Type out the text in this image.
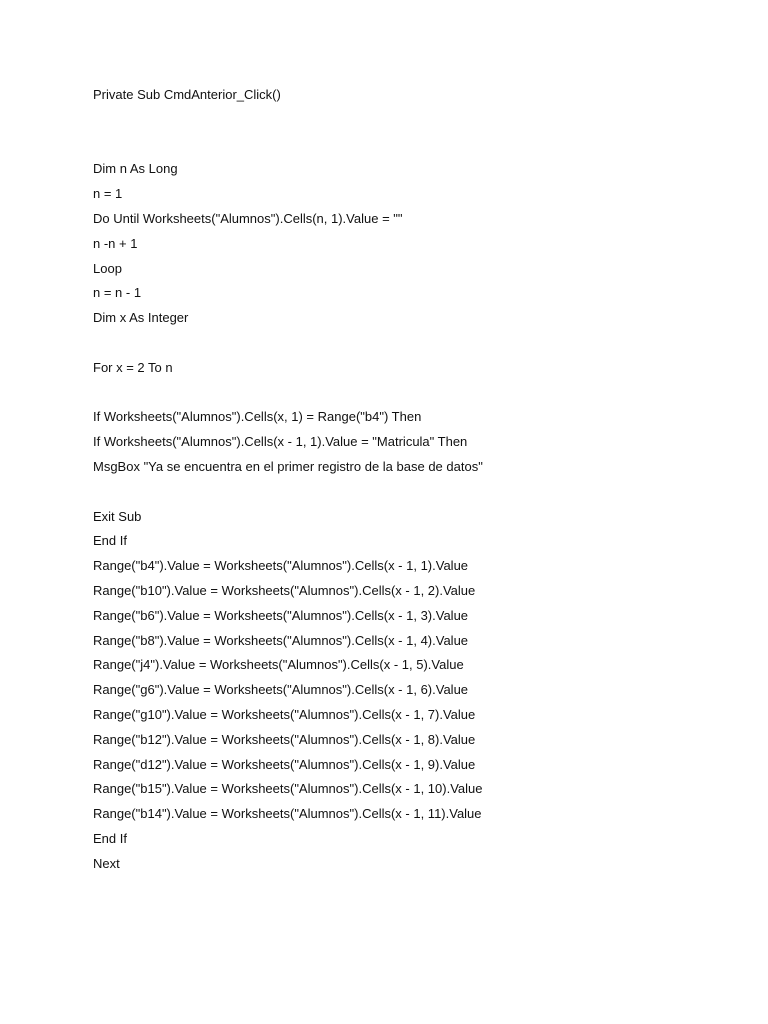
Private Sub CmdAnterior_Click()
Dim n As Long
n = 1
Do Until Worksheets("Alumnos").Cells(n, 1).Value = ""
n -n + 1
Loop
n = n - 1
Dim x As Integer
For x = 2 To n
If Worksheets("Alumnos").Cells(x, 1) = Range("b4") Then
If Worksheets("Alumnos").Cells(x - 1, 1).Value = "Matricula" Then
MsgBox "Ya se encuentra en el primer registro de la base de datos"
Exit Sub
End If
Range("b4").Value = Worksheets("Alumnos").Cells(x - 1, 1).Value
Range("b10").Value = Worksheets("Alumnos").Cells(x - 1, 2).Value
Range("b6").Value = Worksheets("Alumnos").Cells(x - 1, 3).Value
Range("b8").Value = Worksheets("Alumnos").Cells(x - 1, 4).Value
Range("j4").Value = Worksheets("Alumnos").Cells(x - 1, 5).Value
Range("g6").Value = Worksheets("Alumnos").Cells(x - 1, 6).Value
Range("g10").Value = Worksheets("Alumnos").Cells(x - 1, 7).Value
Range("b12").Value = Worksheets("Alumnos").Cells(x - 1, 8).Value
Range("d12").Value = Worksheets("Alumnos").Cells(x - 1, 9).Value
Range("b15").Value = Worksheets("Alumnos").Cells(x - 1, 10).Value
Range("b14").Value = Worksheets("Alumnos").Cells(x - 1, 11).Value
End If
Next
